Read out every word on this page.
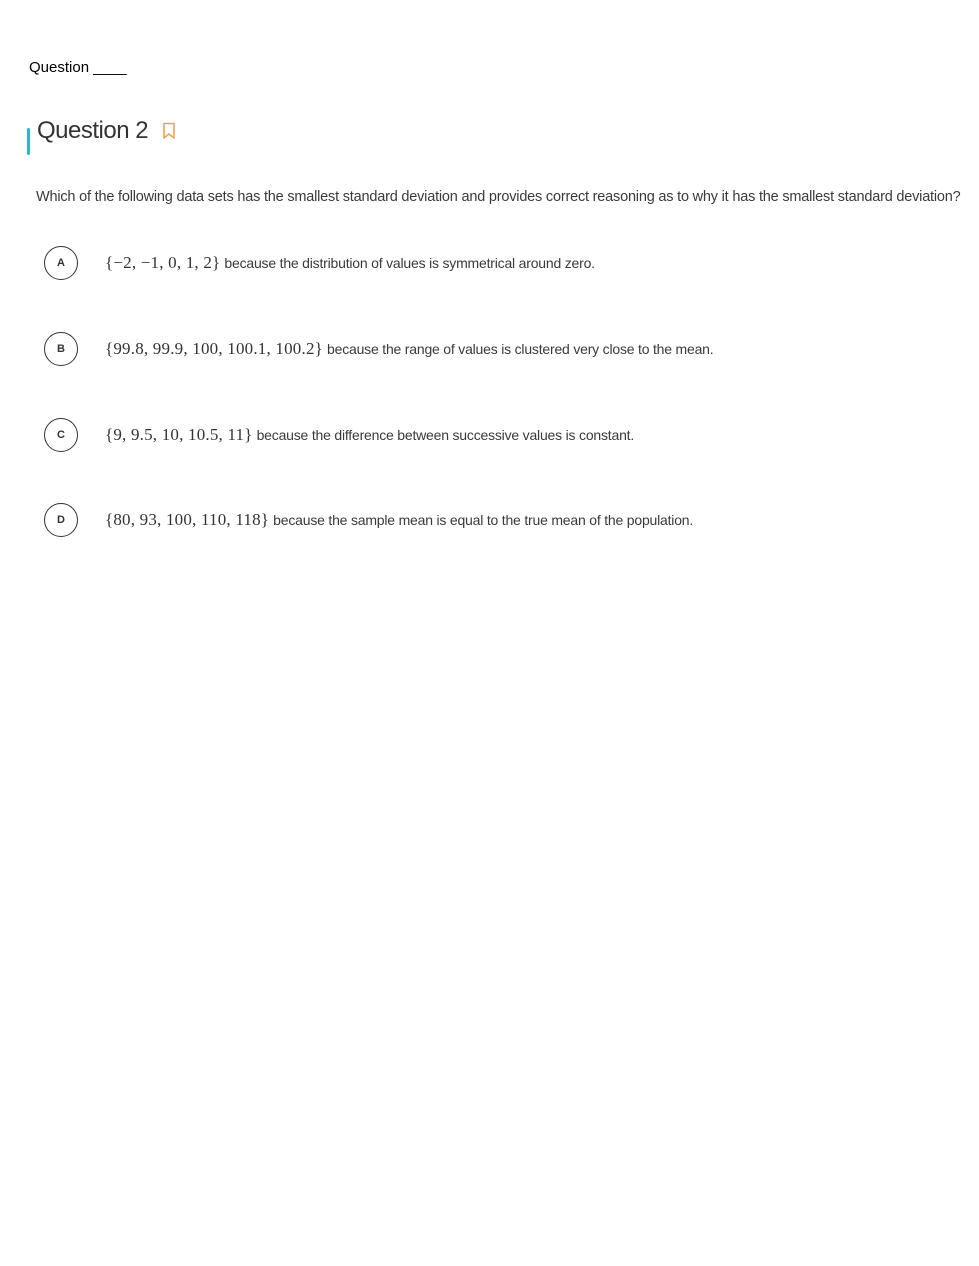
Question ____
Question 2
Which of the following data sets has the smallest standard deviation and provides correct reasoning as to why it has the smallest standard deviation?
A	{−2, −1, 0, 1, 2} because the distribution of values is symmetrical around zero.
B	{99.8, 99.9, 100, 100.1, 100.2} because the range of values is clustered very close to the mean.
C	{9, 9.5, 10, 10.5, 11} because the difference between successive values is constant.
D	{80, 93, 100, 110, 118} because the sample mean is equal to the true mean of the population.
